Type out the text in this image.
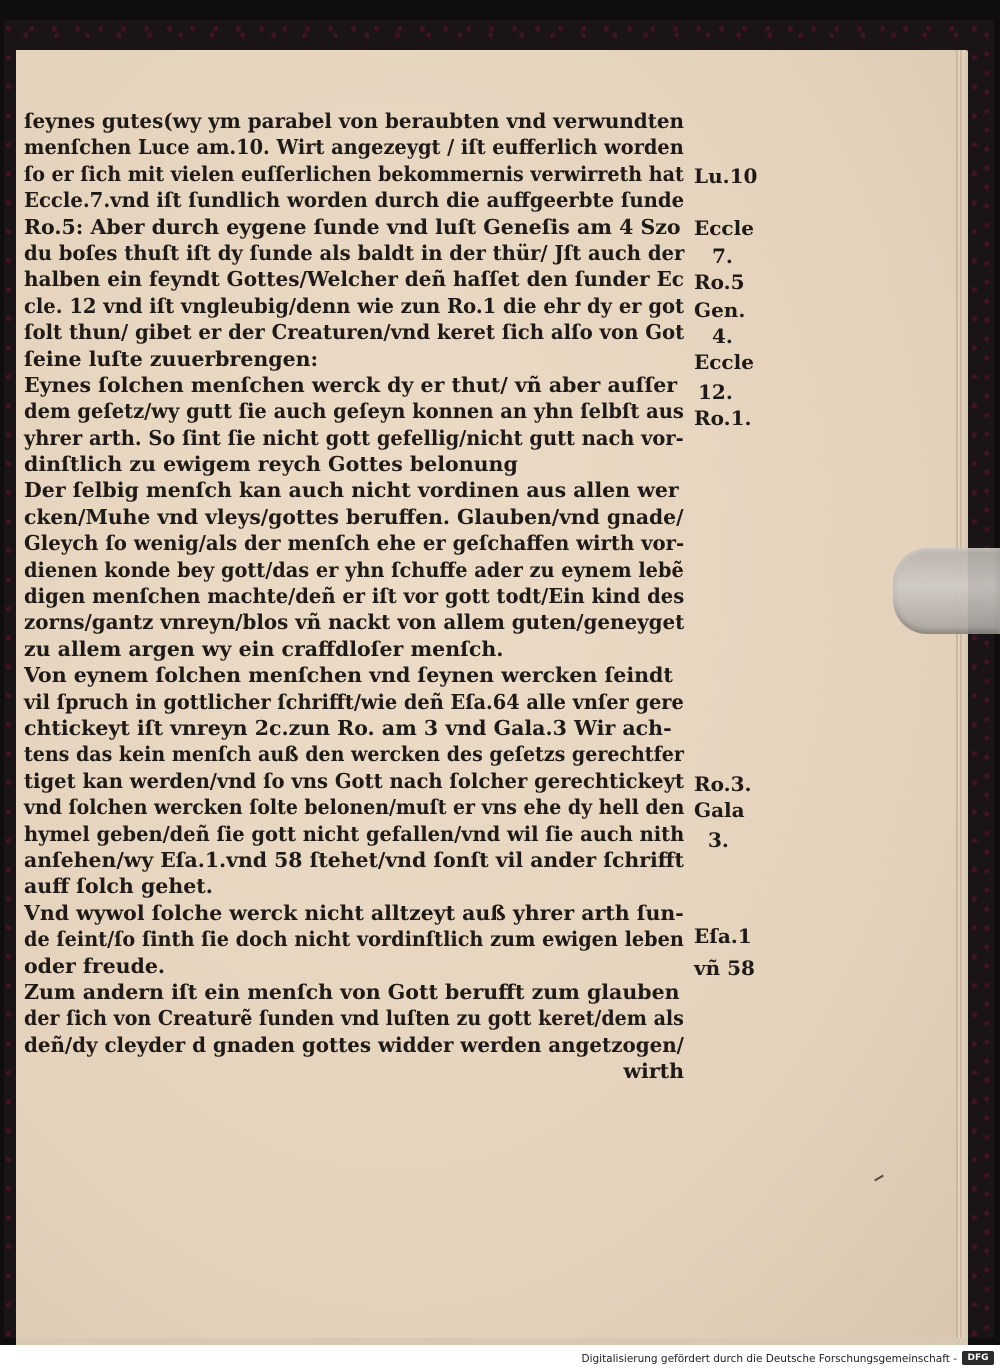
ſeynes gutes(wy ym parabel von beraubten vnd verwundten
menſchen Luce am.10. Wirt angezeygt / iſt eufferlich worden
ſo er ſich mit vielen euſſerlichen bekommernis verwirreth hat
Eccle.7.vnd iſt ſundlich worden durch die auffgeerbte ſunde
Ro.5: Aber durch eygene ſunde vnd luſt Geneſis am 4 Szo
du boſes thuſt iſt dy ſunde als baldt in der thür/ Jſt auch der
halben ein feyndt Gottes/Welcher deñ haſſet den ſunder Ec
cle. 12 vnd iſt vngleubig/denn wie zun Ro.1 die ehr dy er got
ſolt thun/ gibet er der Creaturen/vnd keret ſich alſo von Got
ſeine luſte zuuerbrengen:
Eynes ſolchen menſchen werck dy er thut/ vñ aber auſſer
dem geſetz/wy gutt ſie auch geſeyn konnen an yhn ſelbſt aus
yhrer arth. So ſint ſie nicht gott gefellig/nicht gutt nach vor-
dinſtlich zu ewigem reych Gottes belonung
Der ſelbig menſch kan auch nicht vordinen aus allen wer
cken/Muhe vnd vleys/gottes beruffen. Glauben/vnd gnade/
Gleych ſo wenig/als der menſch ehe er geſchaffen wirth vor-
dienen konde bey gott/das er yhn ſchuffe ader zu eynem lebẽ
digen menſchen machte/deñ er iſt vor gott todt/Ein kind des
zorns/gantz vnreyn/blos vñ nackt von allem guten/geneyget
zu allem argen wy ein craffdloſer menſch.
Von eynem ſolchen menſchen vnd ſeynen wercken ſeindt
vil ſpruch in gottlicher ſchrifft/wie deñ Eſa.64 alle vnſer gere
chtickeyt iſt vnreyn 2c.zun Ro. am 3 vnd Gala.3 Wir ach-
tens das kein menſch auß den wercken des geſetzs gerechtfer
tiget kan werden/vnd ſo vns Gott nach ſolcher gerechtickeyt
vnd ſolchen wercken ſolte belonen/muſt er vns ehe dy hell den
hymel geben/deñ ſie gott nicht gefallen/vnd wil ſie auch nith
anſehen/wy Eſa.1.vnd 58 ſtehet/vnd ſonſt vil ander ſchrifft
auff ſolch gehet.
Vnd wywol ſolche werck nicht alltzeyt auß yhrer arth ſun-
de ſeint/ſo ſinth ſie doch nicht vordinſtlich zum ewigen leben
oder freude.
Zum andern iſt ein menſch von Gott berufft zum glauben
der ſich von Creaturẽ ſunden vnd luſten zu gott keret/dem als
deñ/dy cleyder d gnaden gottes widder werden angetzogen/
wirth
Lu.10
Eccle
7.
Ro.5
Gen.
4.
Eccle
12.
Ro.1.
Ro.3.
Gala
3.
Eſa.1
vñ 58
Digitalisierung gefördert durch die Deutsche Forschungsgemeinschaft -	DFG
